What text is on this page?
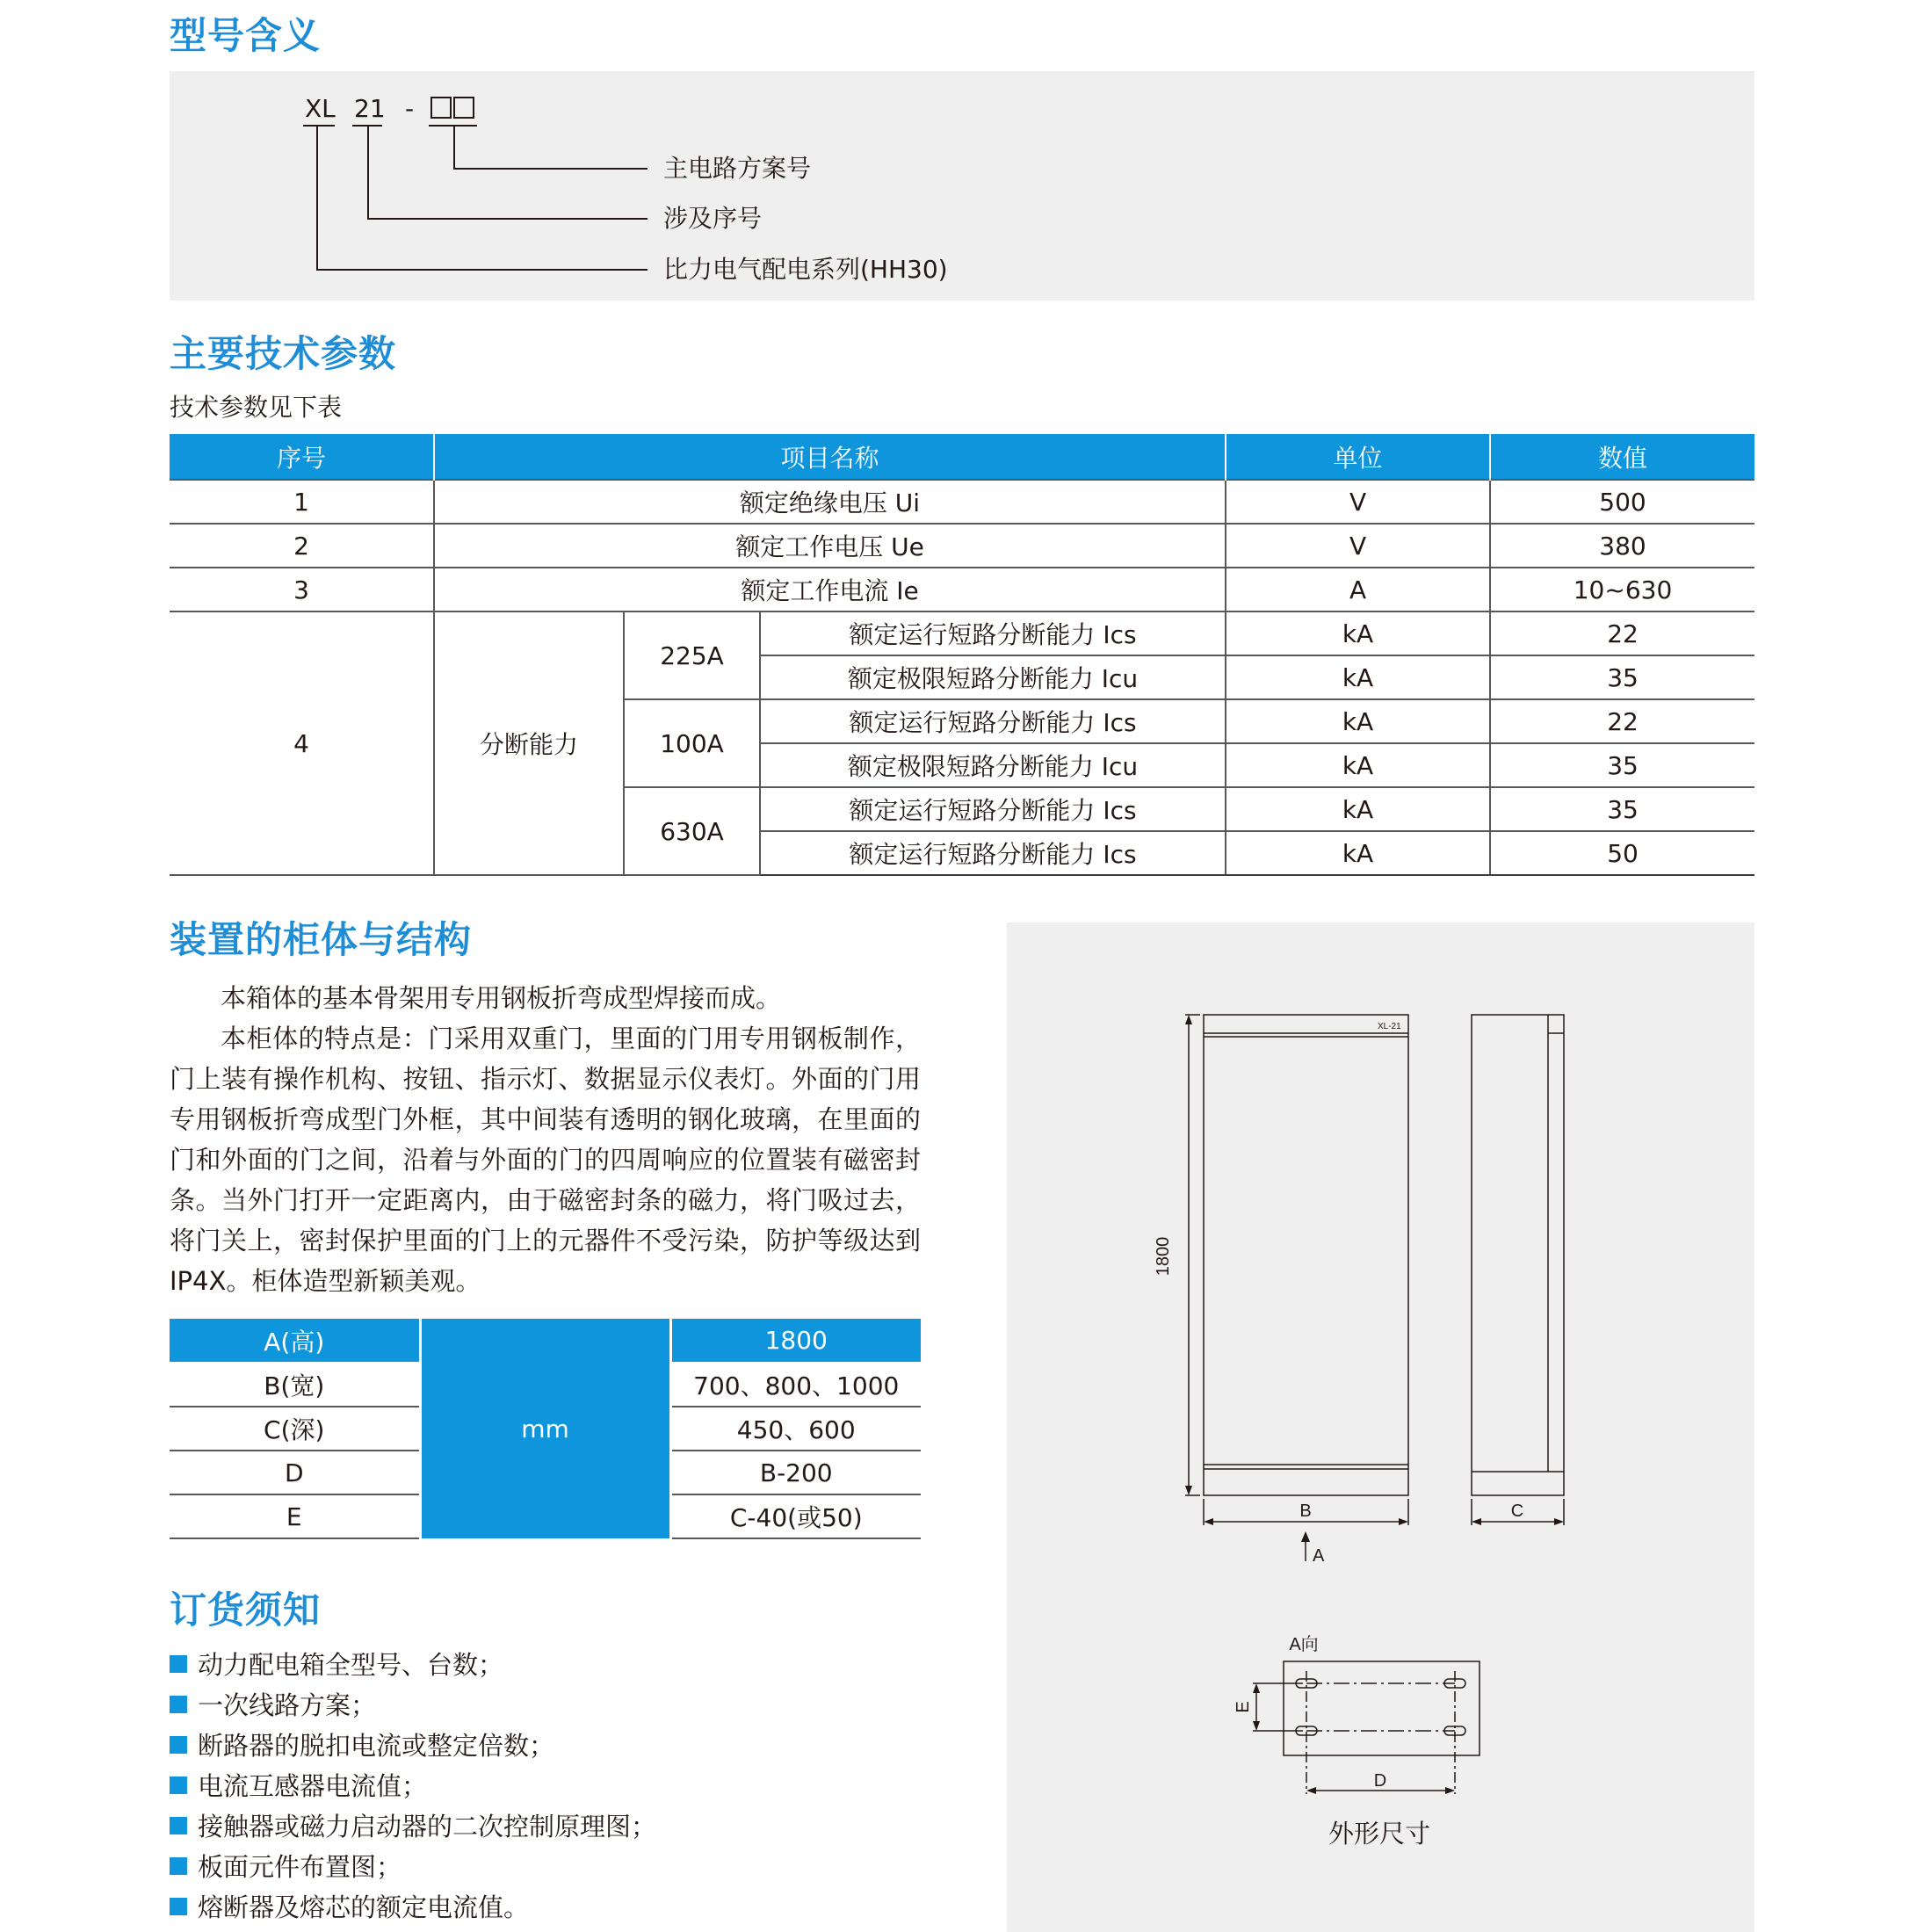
型号含义
XL 21 -
主电路方案号
涉及序号
比力电气配电系列(HH30)
主要技术参数
技术参数见下表
序号	项目名称			单位	数值
1	额定绝缘电压 Ui			V	500
2	额定工作电压 Ue			V	380
3	额定工作电流 Ie			A	10~630
4	分断能力	225A	额定运行短路分断能力 Ics	kA	22
			额定极限短路分断能力 Icu	kA	35
		100A	额定运行短路分断能力 Ics	kA	22
			额定极限短路分断能力 Icu	kA	35
		630A	额定运行短路分断能力 Ics	kA	35
			额定运行短路分断能力 Ics	kA	50
装置的柜体与结构

本箱体的基本骨架用专用钢板折弯成型焊接而成。

本柜体的特点是：门采用双重门，里面的门用专用钢板制作，门上装有操作机构、按钮、指示灯、数据显示仪表灯。外面的门用专用钢板折弯成型门外框，其中间装有透明的钢化玻璃，在里面的门和外面的门之间，沿着与外面的门的四周响应的位置装有磁密封条。当外门打开一定距离内，由于磁密封条的磁力，将门吸过去，将门关上，密封保护里面的门上的元器件不受污染，防护等级达到 IP4X。柜体造型新颖美观。

A(高)	mm	1800
B(宽)		700、800、1000
C(深)		450、600
D		B-200
E		C-40(或50)
XL-21
1800
B	C
A
A向
E
D
外形尺寸
订货须知
动力配电箱全型号、台数；
一次线路方案；
断路器的脱扣电流或整定倍数；
电流互感器电流值；
接触器或磁力启动器的二次控制原理图；
板面元件布置图；
熔断器及熔芯的额定电流值。
